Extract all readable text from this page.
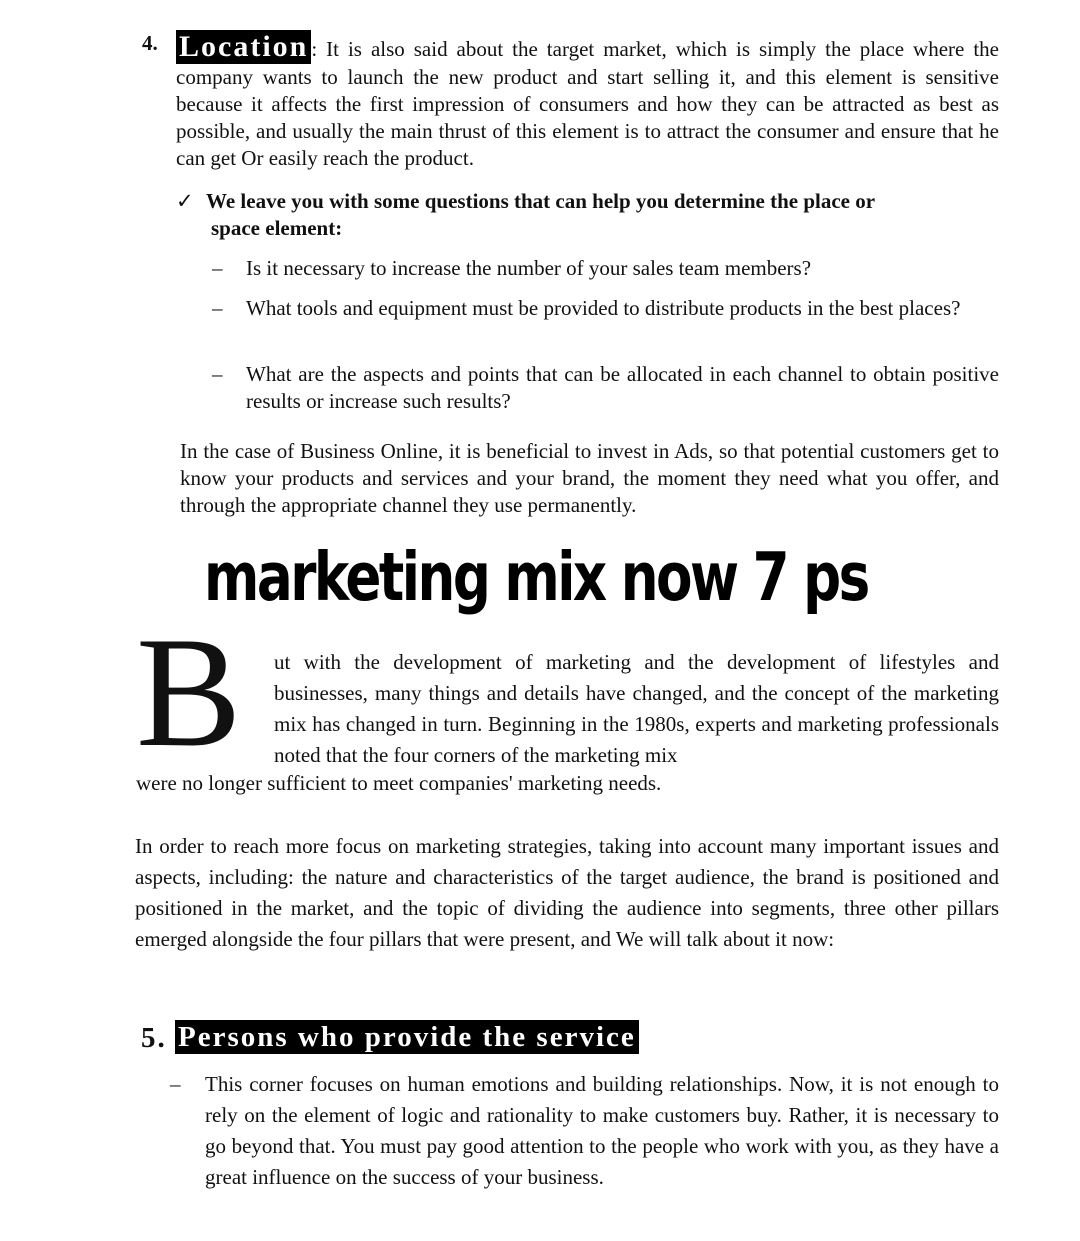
4. Location : It is also said about the target market, which is simply the place where the company wants to launch the new product and start selling it, and this element is sensitive because it affects the first impression of consumers and how they can be attracted as best as possible, and usually the main thrust of this element is to attract the consumer and ensure that he can get Or easily reach the product.
✓ We leave you with some questions that can help you determine the place or
space element:
– Is it necessary to increase the number of your sales team members?
– What tools and equipment must be provided to distribute products in the best places?
– What are the aspects and points that can be allocated in each channel to obtain positive results or increase such results?
In the case of Business Online, it is beneficial to invest in Ads, so that potential customers get to know your products and services and your brand, the moment they need what you offer, and through the appropriate channel they use permanently.
marketing mix now 7 ps
B ut with the development of marketing and the development of lifestyles and businesses, many things and details have changed, and the concept of the marketing mix has changed in turn. Beginning in the 1980s, experts and marketing professionals noted that the four corners of the marketing mix
were no longer sufficient to meet companies' marketing needs.
In order to reach more focus on marketing strategies, taking into account many important issues and aspects, including: the nature and characteristics of the target audience, the brand is positioned and positioned in the market, and the topic of dividing the audience into segments, three other pillars emerged alongside the four pillars that were present, and We will talk about it now:
5. Persons who provide the service
– This corner focuses on human emotions and building relationships. Now, it is not enough to rely on the element of logic and rationality to make customers buy. Rather, it is necessary to go beyond that. You must pay good attention to the people who work with you, as they have a great influence on the success of your business.
